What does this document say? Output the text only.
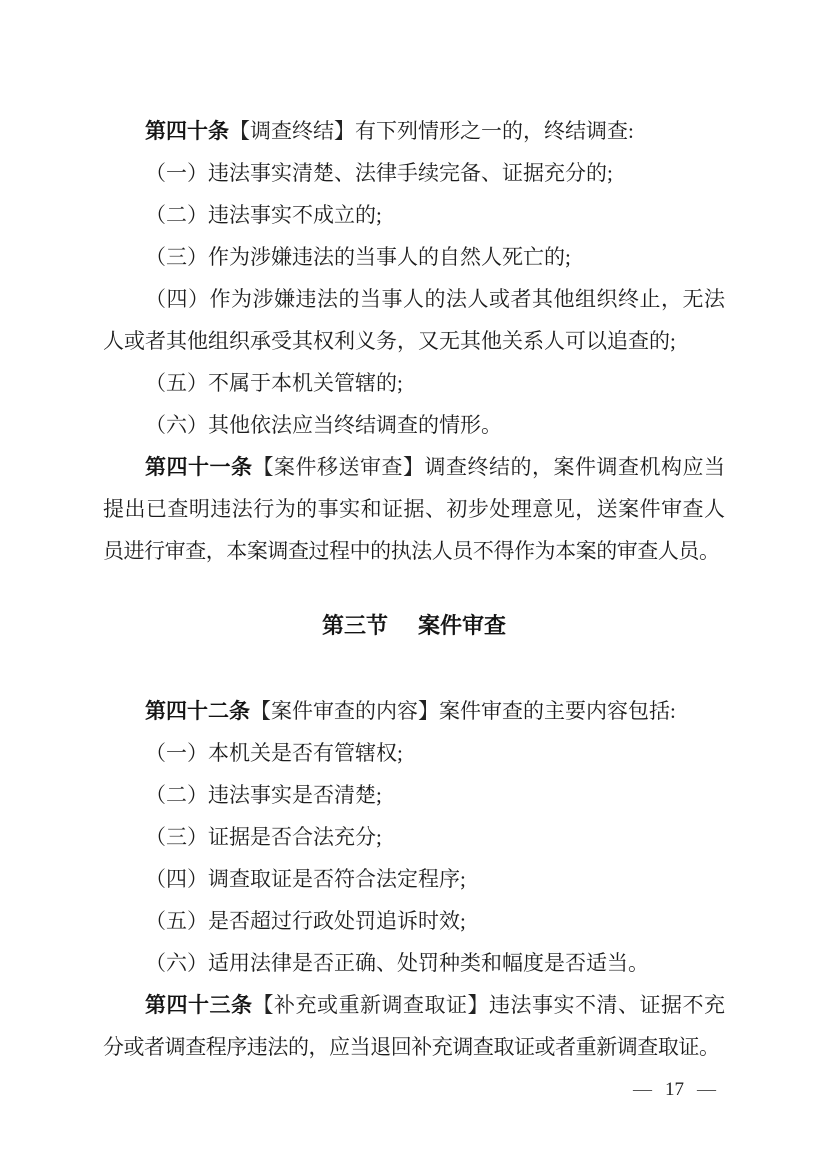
第四十条【调查终结】有下列情形之一的，终结调查:
（一）违法事实清楚、法律手续完备、证据充分的;
（二）违法事实不成立的;
（三）作为涉嫌违法的当事人的自然人死亡的;
（四）作为涉嫌违法的当事人的法人或者其他组织终止，无法
人或者其他组织承受其权利义务，又无其他关系人可以追查的;
（五）不属于本机关管辖的;
（六）其他依法应当终结调查的情形。
第四十一条【案件移送审查】调查终结的，案件调查机构应当
提出已查明违法行为的事实和证据、初步处理意见，送案件审查人
员进行审查，本案调查过程中的执法人员不得作为本案的审查人员。
第三节 案件审查
第四十二条【案件审查的内容】案件审查的主要内容包括:
（一）本机关是否有管辖权;
（二）违法事实是否清楚;
（三）证据是否合法充分;
（四）调查取证是否符合法定程序;
（五）是否超过行政处罚追诉时效;
（六）适用法律是否正确、处罚种类和幅度是否适当。
第四十三条【补充或重新调查取证】违法事实不清、证据不充
分或者调查程序违法的，应当退回补充调查取证或者重新调查取证。
— 17 —
